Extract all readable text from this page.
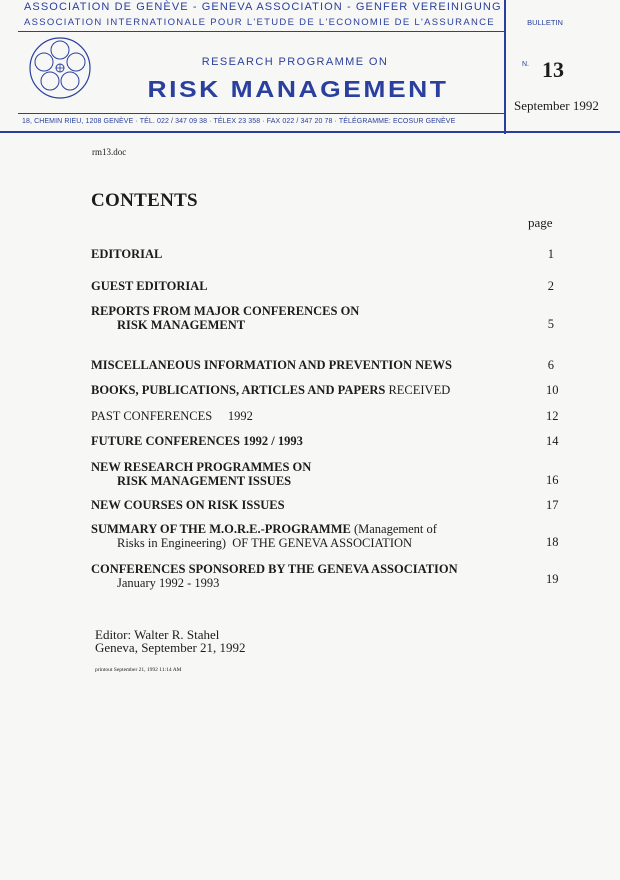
ASSOCIATION DE GENÈVE - GENEVA ASSOCIATION - GENFER VEREINIGUNG
ASSOCIATION INTERNATIONALE POUR L'ETUDE DE L'ECONOMIE DE L'ASSURANCE
RESEARCH PROGRAMME ON
RISK MANAGEMENT
18, CHEMIN RIEU, 1208 GENÈVE · TÉL. 022 / 347 09 38 · TÉLEX 23 358 · FAX 022 / 347 20 78 · TÉLÉGRAMME: ECOSUR GENÈVE
BULLETIN
N. 13
September 1992
rm13.doc
CONTENTS
page
EDITORIAL	1
GUEST EDITORIAL	2
REPORTS FROM MAJOR CONFERENCES ON
RISK MANAGEMENT	5
MISCELLANEOUS INFORMATION AND PREVENTION NEWS	6
BOOKS, PUBLICATIONS, ARTICLES AND PAPERS RECEIVED	10
PAST CONFERENCES     1992	12
FUTURE CONFERENCES 1992 / 1993	14
NEW RESEARCH PROGRAMMES ON
RISK MANAGEMENT ISSUES	16
NEW COURSES ON RISK ISSUES	17
SUMMARY OF THE M.O.R.E.-PROGRAMME (Management of
Risks in Engineering)  OF THE GENEVA ASSOCIATION	18
CONFERENCES SPONSORED BY THE GENEVA ASSOCIATION
January 1992 - 1993	19
Editor: Walter R. Stahel
Geneva, September 21, 1992
printout September 21, 1992 11:14 AM
